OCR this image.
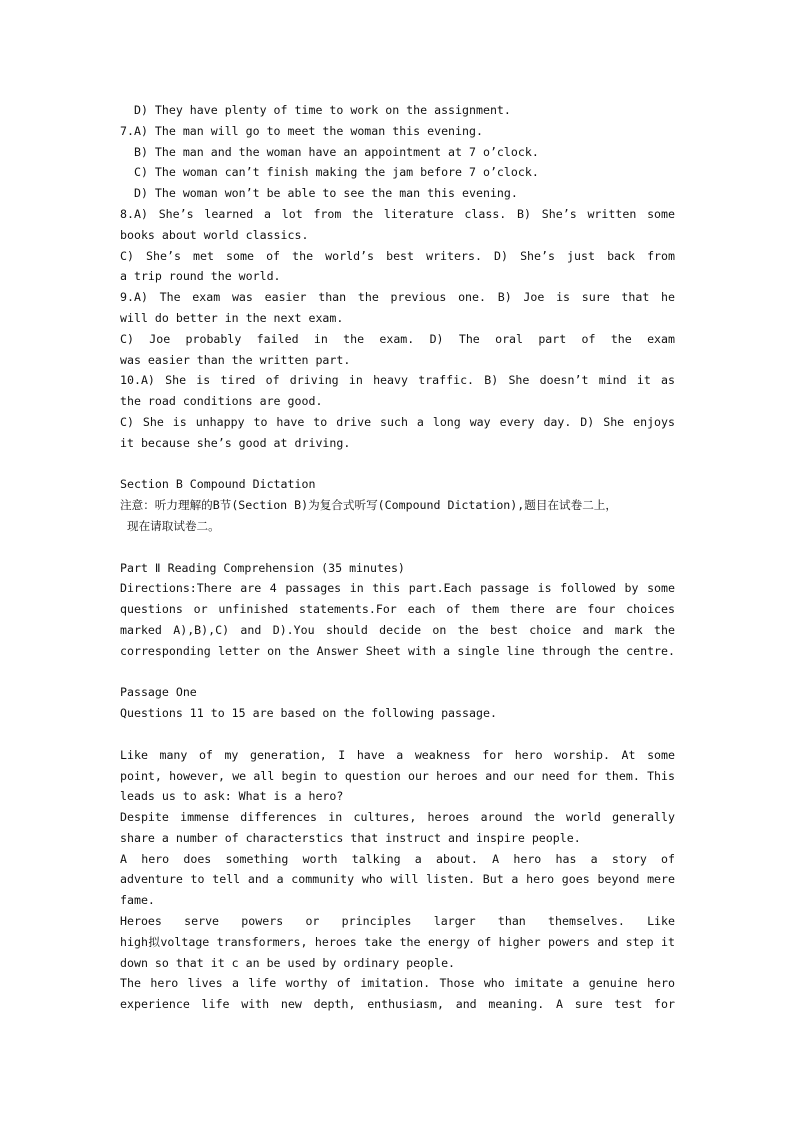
D) They have plenty of time to work on the assignment.
7.A) The man will go to meet the woman this evening.
B) The man and the woman have an appointment at 7 o’clock.
C) The woman can’t finish making the jam before 7 o’clock.
D) The woman won’t be able to see the man this evening.
8.A) She’s learned a lot from the literature class. B) She’s written some
books about world classics.
C) She’s met some of the world’s best writers. D) She’s just back from
a trip round the world.
9.A) The exam was easier than the previous one. B) Joe is sure that he
will do better in the next exam.
C) Joe probably failed in the exam. D) The oral part of the exam
was easier than the written part.
10.A) She is tired of driving in heavy traffic. B) She doesn’t mind it as
the road conditions are good.
C) She is unhappy to have to drive such a long way every day. D) She enjoys
it because she’s good at driving.
Section B Compound Dictation
注意：听力理解的B节(Section B)为复合式听写(Compound Dictation),题目在试卷二上，
现在请取试卷二。
Part Ⅱ Reading Comprehension (35 minutes)
Directions:There are 4 passages in this part.Each passage is followed by some
questions or unfinished statements.For each of them there are four choices
marked A),B),C) and D).You should decide on the best choice and mark the
corresponding letter on the Answer Sheet with a single line through the centre.
Passage One
Questions 11 to 15 are based on the following passage.
Like many of my generation, I have a weakness for hero worship. At some
point, however, we all begin to question our heroes and our need for them. This
leads us to ask: What is a hero?
Despite immense differences in cultures, heroes around the world generally
share a number of characterstics that instruct and inspire people.
A hero does something worth talking a about. A hero has a story of
adventure to tell and a community who will listen. But a hero goes beyond mere
fame.
Heroes serve powers or principles larger than themselves. Like
high拟voltage transformers, heroes take the energy of higher powers and step it
down so that it c an be used by ordinary people.
The hero lives a life worthy of imitation. Those who imitate a genuine hero
experience life with new depth, enthusiasm, and meaning. A sure test for
